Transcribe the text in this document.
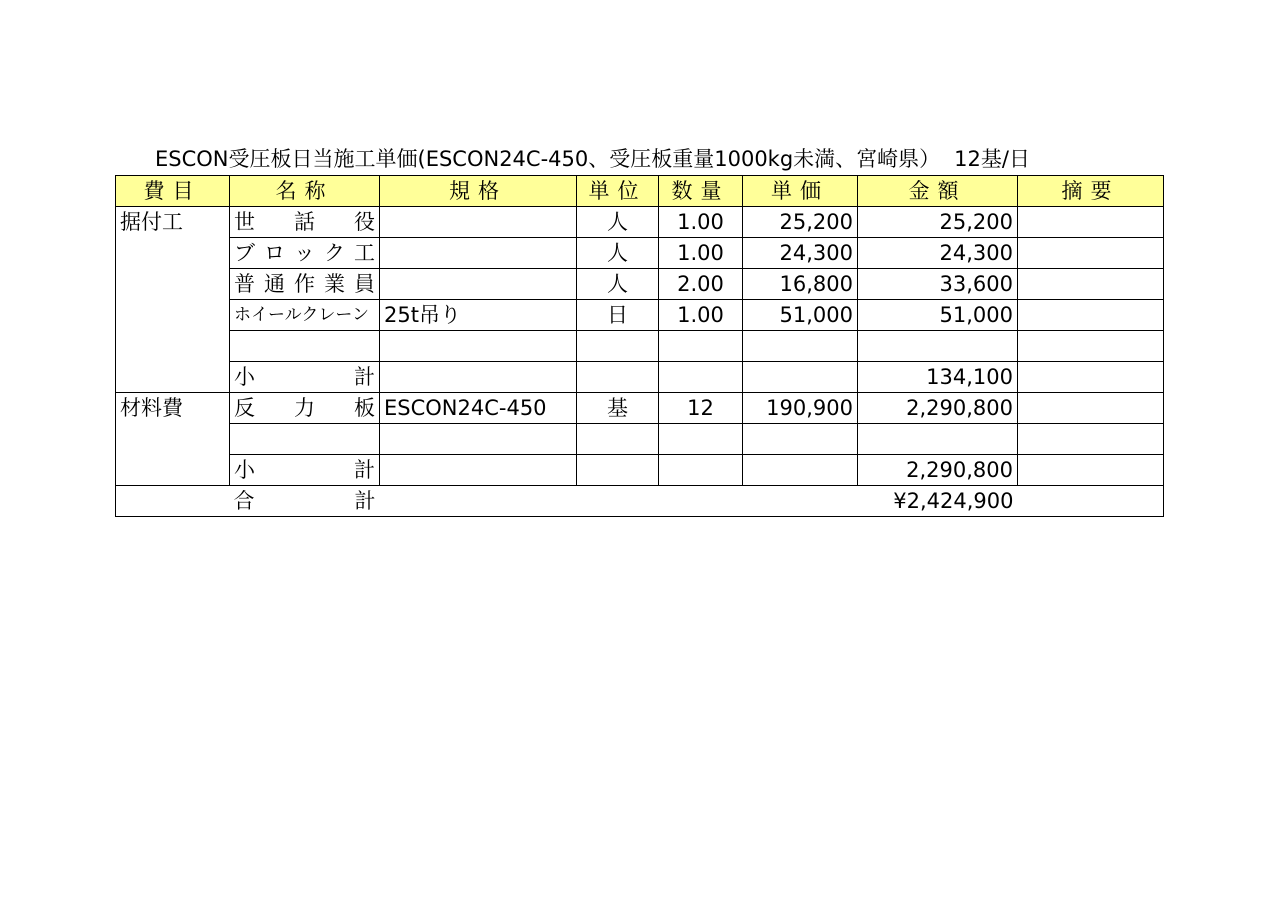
ESCON受圧板日当施工単価(ESCON24C-450、受圧板重量1000kg未満、宮崎県） 12基/日
費目	名称	規格	単位	数量	単価	金額	摘要
据付工	世 話 役		人	1.00	25,200	25,200	

	ブ ロ ッ ク 工		人	1.00	24,300	24,300	

	普 通 作 業 員		人	2.00	16,800	33,600	
	ホイールクレーン	25t吊り	日	1.00	51,000	51,000	

	小 計					134,100	
材料費	反 力 板	ESCON24C-450	基	12	190,900	2,290,800	

	小 計					2,290,800	

	合 計					¥2,424,900	
